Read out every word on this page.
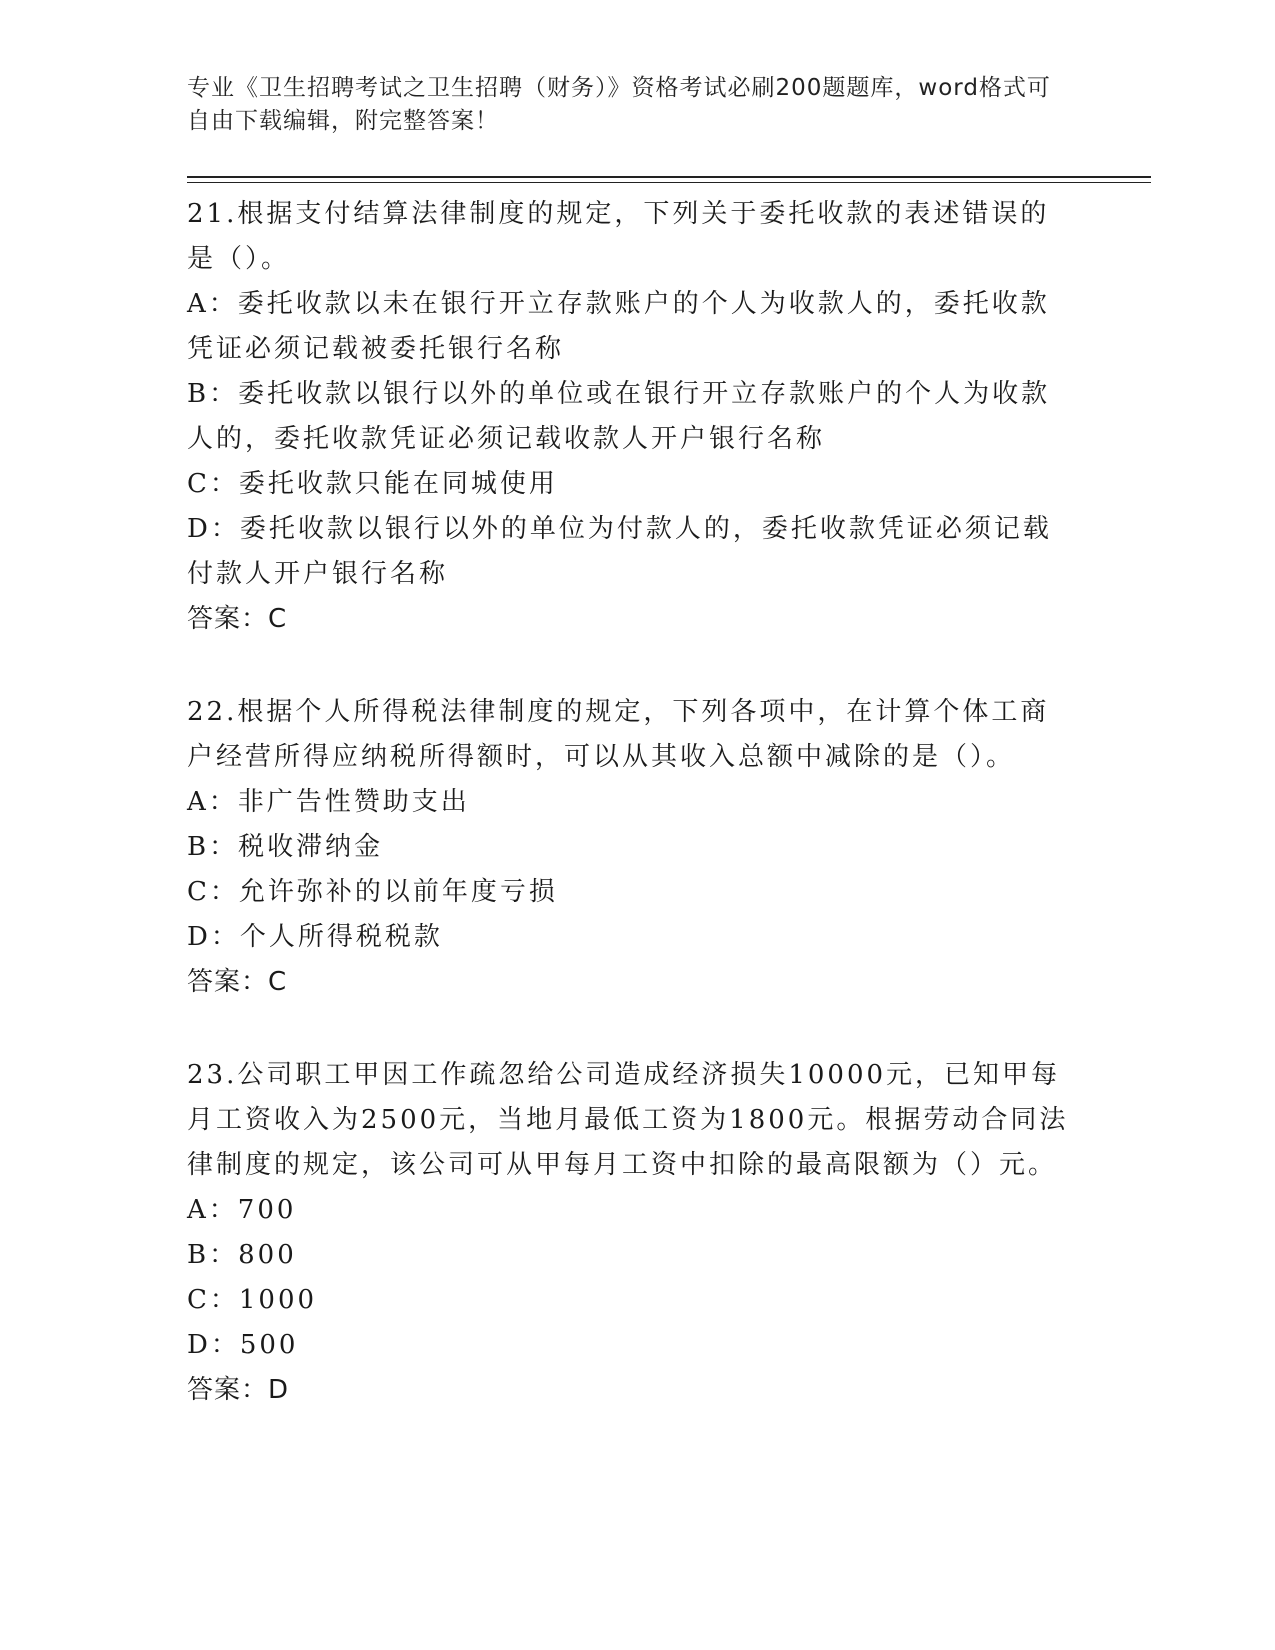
专业《卫生招聘考试之卫生招聘（财务）》资格考试必刷200题题库，word格式可自由下载编辑，附完整答案！

21.根据支付结算法律制度的规定，下列关于委托收款的表述错误的是（）。

A：委托收款以未在银行开立存款账户的个人为收款人的，委托收款凭证必须记载被委托银行名称

B：委托收款以银行以外的单位或在银行开立存款账户的个人为收款人的，委托收款凭证必须记载收款人开户银行名称

C：委托收款只能在同城使用

D：委托收款以银行以外的单位为付款人的，委托收款凭证必须记载付款人开户银行名称

答案：C

22.根据个人所得税法律制度的规定，下列各项中，在计算个体工商户经营所得应纳税所得额时，可以从其收入总额中减除的是（）。

A：非广告性赞助支出

B：税收滞纳金

C：允许弥补的以前年度亏损

D：个人所得税税款

答案：C

23.公司职工甲因工作疏忽给公司造成经济损失10000元，已知甲每月工资收入为2500元，当地月最低工资为1800元。根据劳动合同法律制度的规定，该公司可从甲每月工资中扣除的最高限额为（）元。

A：700

B：800

C：1000

D：500

答案：D
